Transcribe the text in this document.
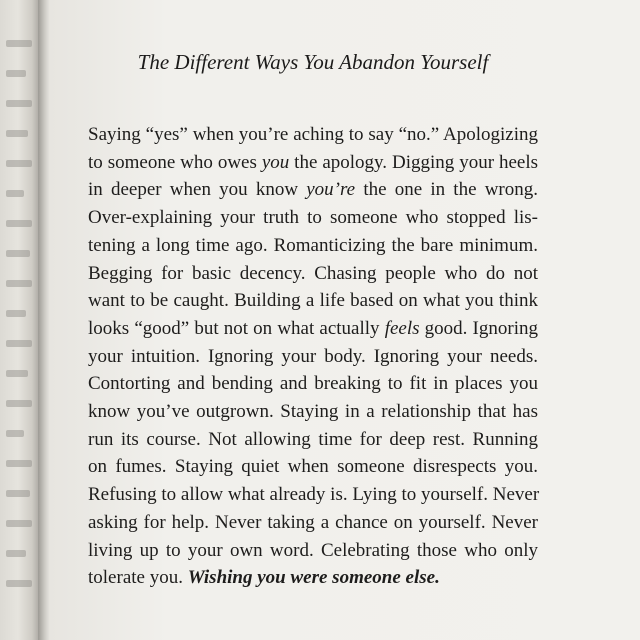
The Different Ways You Abandon Yourself
Saying “yes” when you’re aching to say “no.” Apologizing
to someone who owes you the apology. Digging your heels
in deeper when you know you’re the one in the wrong.
Over-explaining your truth to someone who stopped lis-
tening a long time ago. Romanticizing the bare minimum.
Begging for basic decency. Chasing people who do not
want to be caught. Building a life based on what you think
looks “good” but not on what actually feels good. Ignoring
your intuition. Ignoring your body. Ignoring your needs.
Contorting and bending and breaking to fit in places you
know you’ve outgrown. Staying in a relationship that has
run its course. Not allowing time for deep rest. Running
on fumes. Staying quiet when someone disrespects you.
Refusing to allow what already is. Lying to yourself. Never
asking for help. Never taking a chance on yourself. Never
living up to your own word. Celebrating those who only
tolerate you. Wishing you were someone else.
